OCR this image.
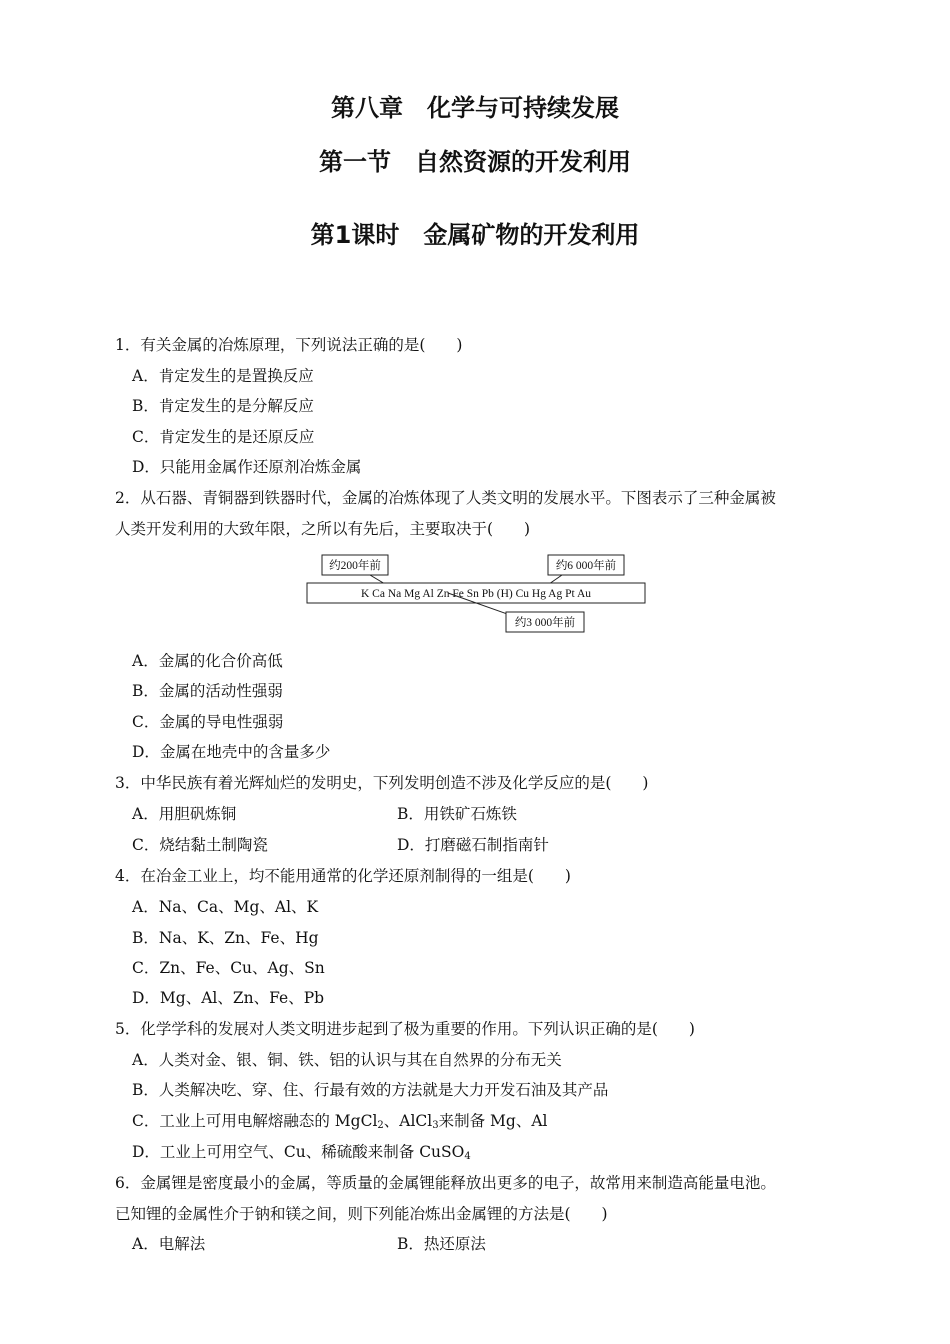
第八章　化学与可持续发展
第一节　自然资源的开发利用
第1课时　金属矿物的开发利用
1．有关金属的冶炼原理，下列说法正确的是(　　)
A．肯定发生的是置换反应
B．肯定发生的是分解反应
C．肯定发生的是还原反应
D．只能用金属作还原剂冶炼金属
2．从石器、青铜器到铁器时代，金属的冶炼体现了人类文明的发展水平。下图表示了三种金属被
人类开发利用的大致年限，之所以有先后，主要取决于(　　)
约200年前	约6 000年前
K Ca Na Mg Al Zn Fe Sn Pb (H) Cu Hg Ag Pt Au
约3 000年前
A．金属的化合价高低
B．金属的活动性强弱
C．金属的导电性强弱
D．金属在地壳中的含量多少
3．中华民族有着光辉灿烂的发明史，下列发明创造不涉及化学反应的是(　　)
A．用胆矾炼铜	B．用铁矿石炼铁
C．烧结黏土制陶瓷	D．打磨磁石制指南针
4．在冶金工业上，均不能用通常的化学还原剂制得的一组是(　　)
A．Na、Ca、Mg、Al、K
B．Na、K、Zn、Fe、Hg
C．Zn、Fe、Cu、Ag、Sn
D．Mg、Al、Zn、Fe、Pb
5．化学学科的发展对人类文明进步起到了极为重要的作用。下列认识正确的是(　　)
A．人类对金、银、铜、铁、铝的认识与其在自然界的分布无关
B．人类解决吃、穿、住、行最有效的方法就是大力开发石油及其产品
C．工业上可用电解熔融态的 MgCl$_2$、AlCl$_3$来制备 Mg、Al
D．工业上可用空气、Cu、稀硫酸来制备 CuSO$_4$
6．金属锂是密度最小的金属，等质量的金属锂能释放出更多的电子，故常用来制造高能量电池。
已知锂的金属性介于钠和镁之间，则下列能冶炼出金属锂的方法是(　　)
A．电解法	B．热还原法
